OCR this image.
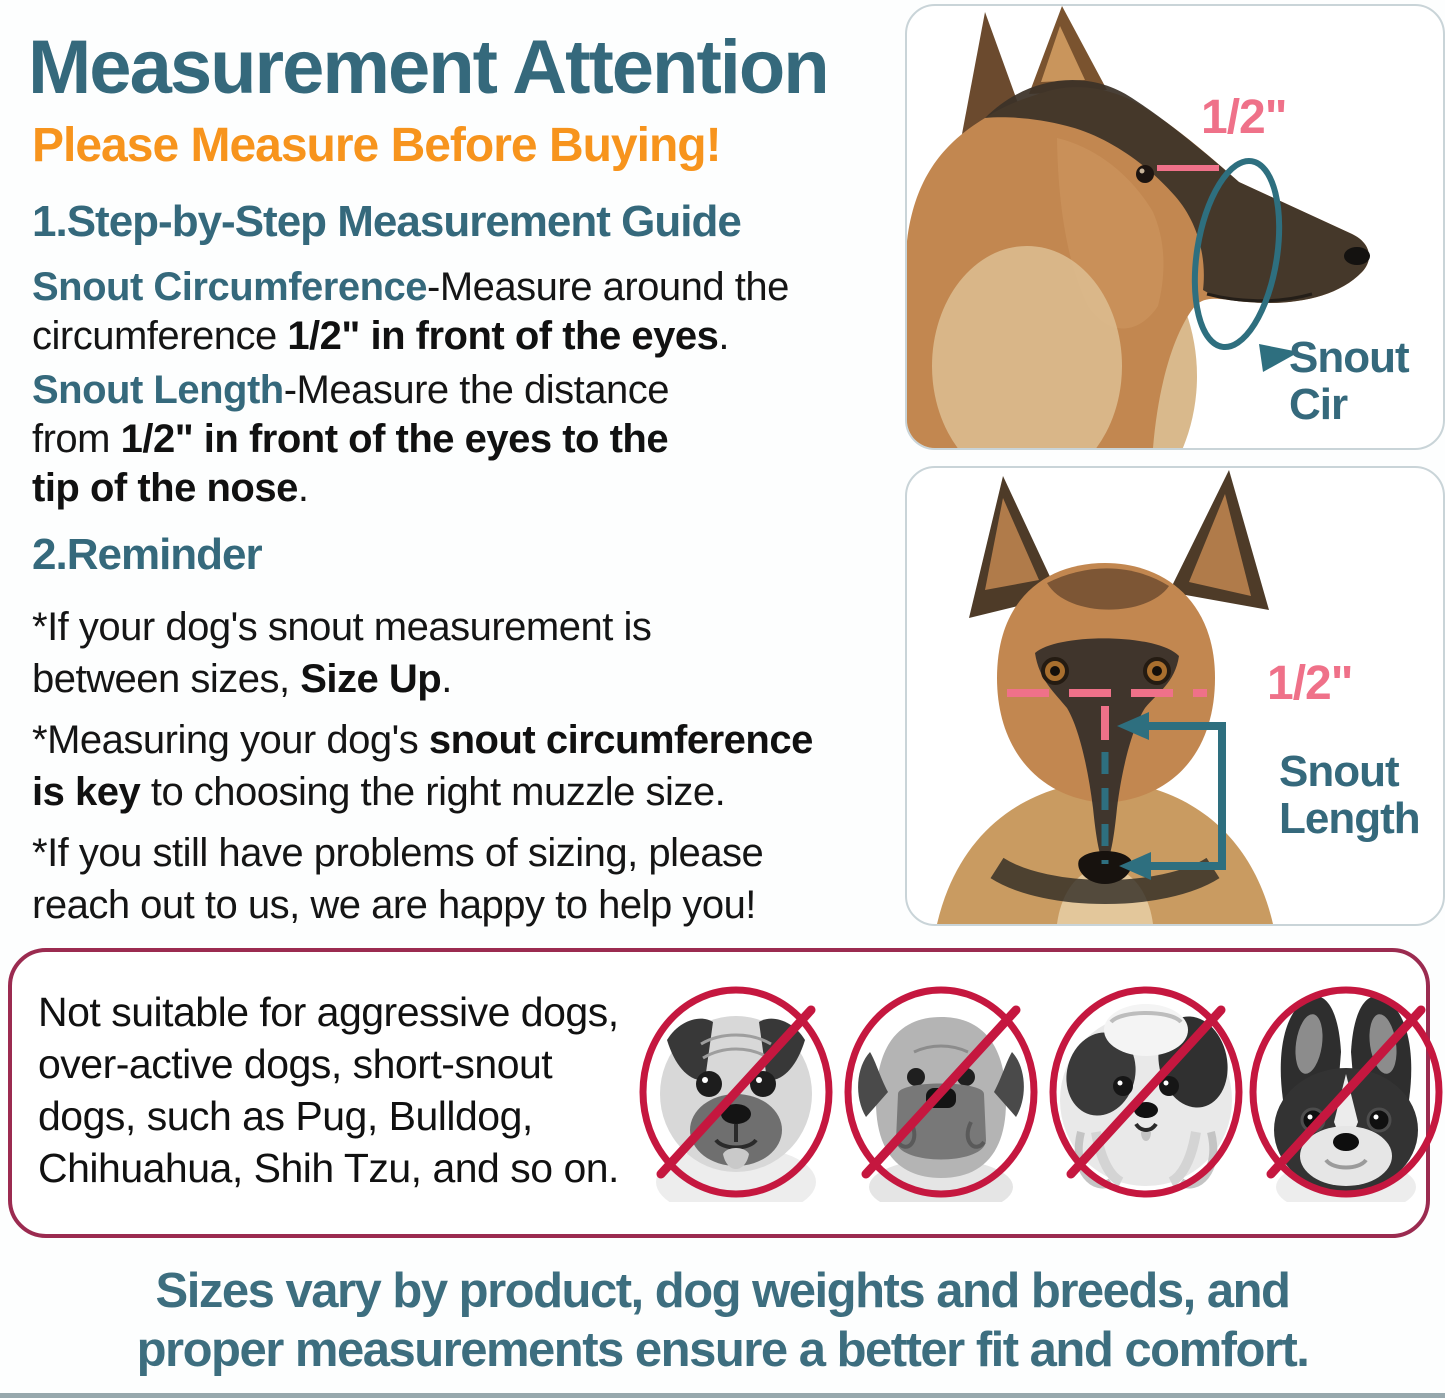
Measurement Attention
Please Measure Before Buying!
1.Step-by-Step Measurement Guide
Snout Circumference-Measure around the
circumference 1/2" in front of the eyes.
Snout Length-Measure the distance
from 1/2" in front of the eyes to the
tip of the nose.
2.Reminder
*If your dog's snout measurement is
between sizes, Size Up.
*Measuring your dog's snout circumference
is key to choosing the right muzzle size.
*If you still have problems of sizing, please
reach out to us, we are happy to help you!
1/2"
Snout
Cir
1/2"
Snout
Length
Not suitable for aggressive dogs,
over-active dogs, short-snout
dogs, such as Pug, Bulldog,
Chihuahua, Shih Tzu, and so on.
Sizes vary by product, dog weights and breeds, and
proper measurements ensure a better fit and comfort.
